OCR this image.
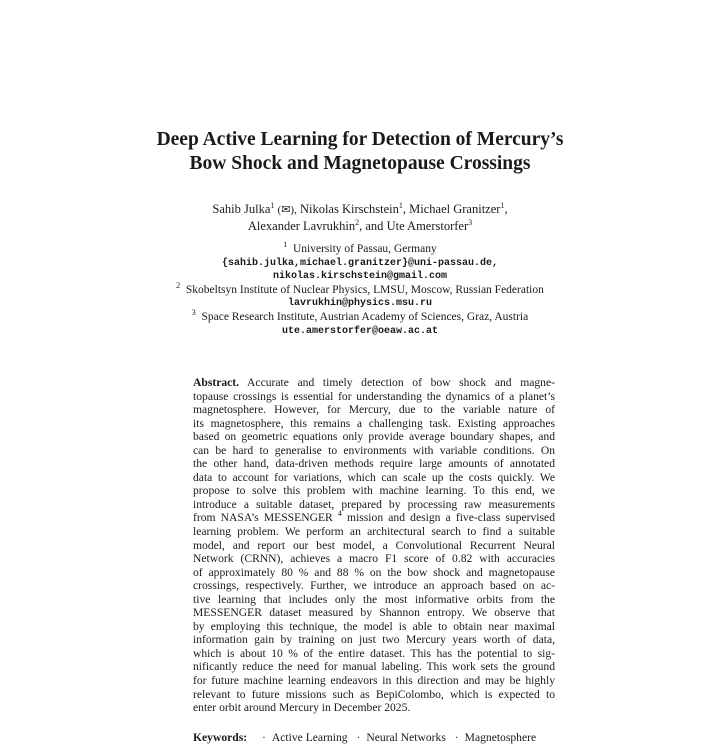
Deep Active Learning for Detection of Mercury’s
Bow Shock and Magnetopause Crossings
Sahib Julka$^1$ (✉), Nikolas Kirschstein$^1$, Michael Granitzer$^1$,
Alexander Lavrukhin$^2$, and Ute Amerstorfer$^3$
$^1$ University of Passau, Germany
{sahib.julka,michael.granitzer}@uni-passau.de,
nikolas.kirschstein@gmail.com
$^2$ Skobeltsyn Institute of Nuclear Physics, LMSU, Moscow, Russian Federation
lavrukhin@physics.msu.ru
$^3$ Space Research Institute, Austrian Academy of Sciences, Graz, Austria
ute.amerstorfer@oeaw.ac.at
Abstract. Accurate and timely detection of bow shock and magne-
topause crossings is essential for understanding the dynamics of a planet’s
magnetosphere. However, for Mercury, due to the variable nature of
its magnetosphere, this remains a challenging task. Existing approaches
based on geometric equations only provide average boundary shapes, and
can be hard to generalise to environments with variable conditions. On
the other hand, data-driven methods require large amounts of annotated
data to account for variations, which can scale up the costs quickly. We
propose to solve this problem with machine learning. To this end, we
introduce a suitable dataset, prepared by processing raw measurements
from NASA’s MESSENGER $^4$ mission and design a five-class supervised
learning problem. We perform an architectural search to find a suitable
model, and report our best model, a Convolutional Recurrent Neural
Network (CRNN), achieves a macro F1 score of 0.82 with accuracies
of approximately 80 % and 88 % on the bow shock and magnetopause
crossings, respectively. Further, we introduce an approach based on ac-
tive learning that includes only the most informative orbits from the
MESSENGER dataset measured by Shannon entropy. We observe that
by employing this technique, the model is able to obtain near maximal
information gain by training on just two Mercury years worth of data,
which is about 10 % of the entire dataset. This has the potential to sig-
nificantly reduce the need for manual labeling. This work sets the ground
for future machine learning endeavors in this direction and may be highly
relevant to future missions such as BepiColombo, which is expected to
enter orbit around Mercury in December 2025.
Keywords: · Active Learning · Neural Networks · Magnetosphere
